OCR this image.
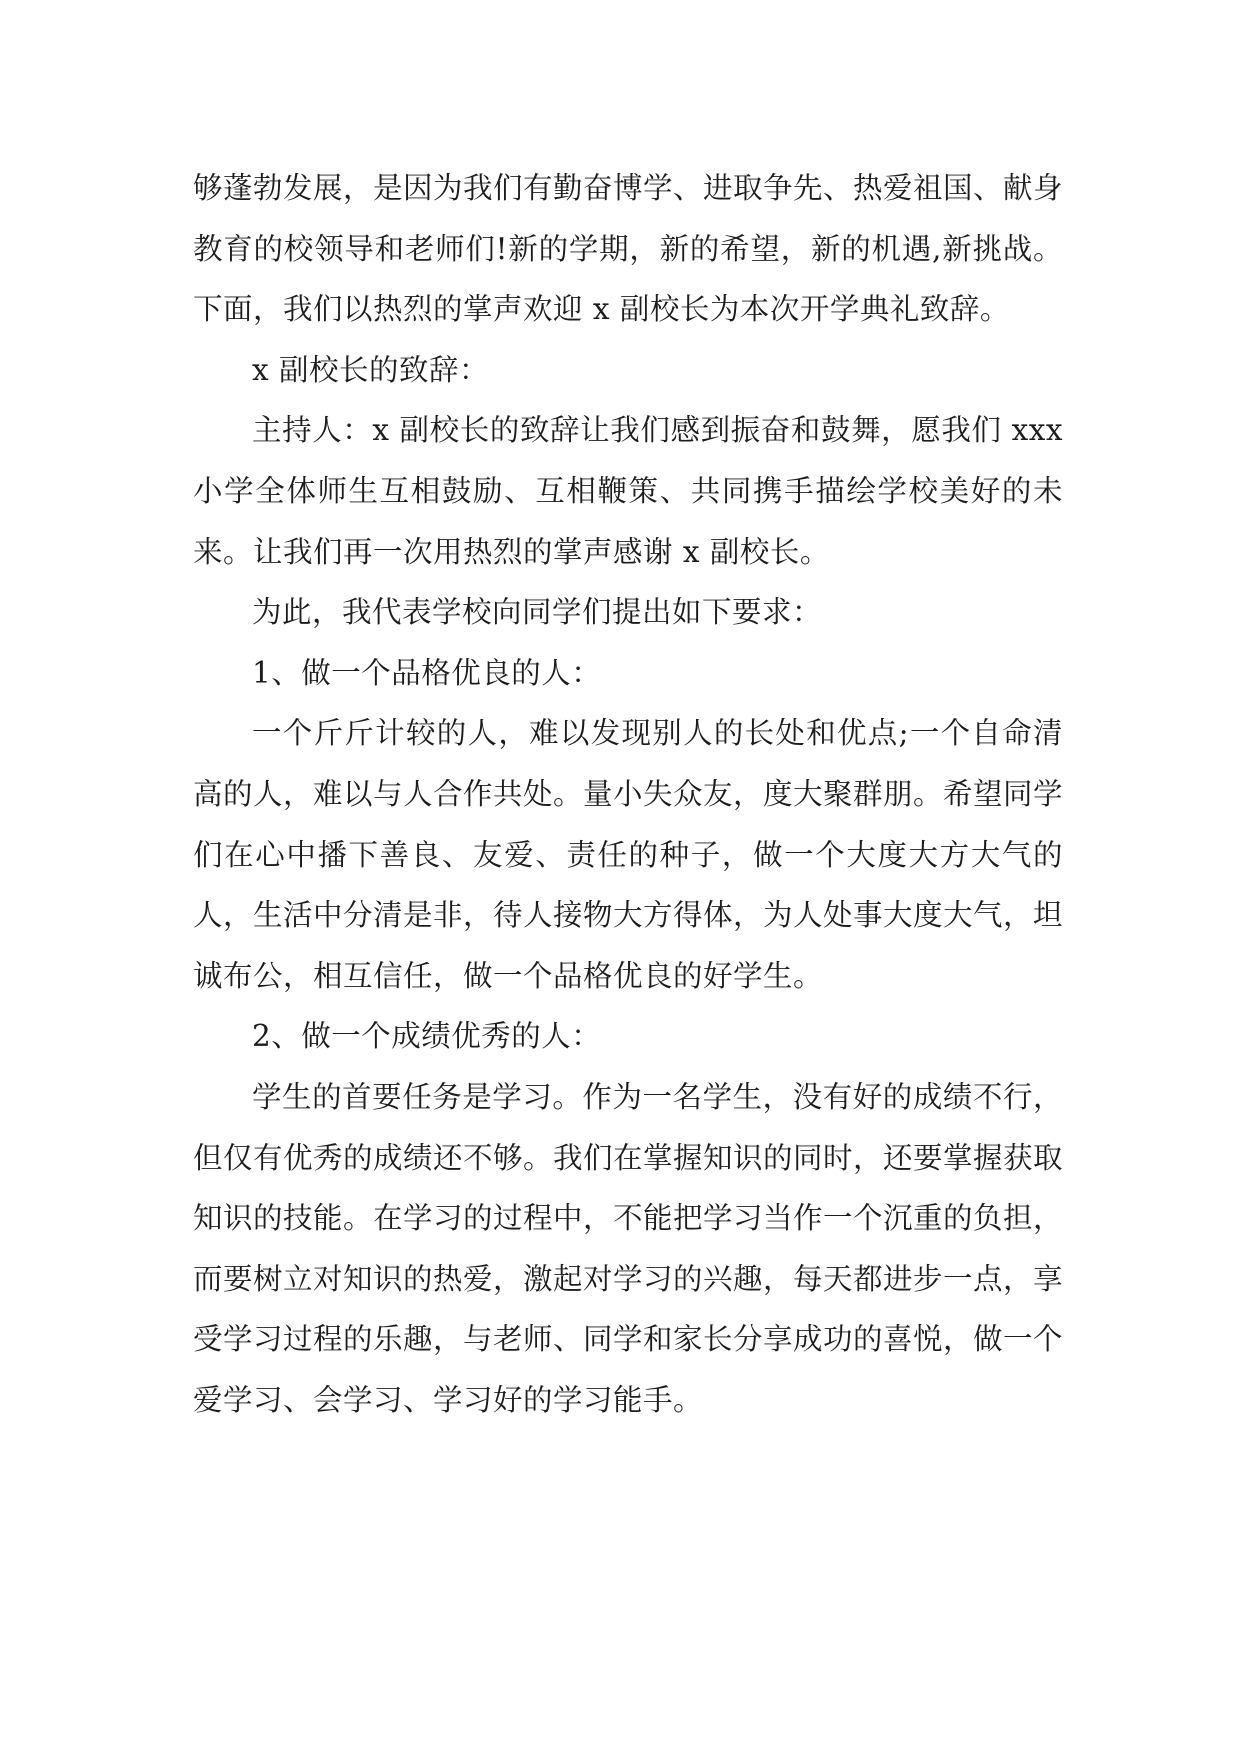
够蓬勃发展，是因为我们有勤奋博学、进取争先、热爱祖国、献身教育的校领导和老师们!新的学期，新的希望，新的机遇,新挑战。下面，我们以热烈的掌声欢迎 x 副校长为本次开学典礼致辞。

x 副校长的致辞：

主持人：x 副校长的致辞让我们感到振奋和鼓舞，愿我们 xxx 小学全体师生互相鼓励、互相鞭策、共同携手描绘学校美好的未来。让我们再一次用热烈的掌声感谢 x 副校长。

为此，我代表学校向同学们提出如下要求：

1、做一个品格优良的人：

一个斤斤计较的人，难以发现别人的长处和优点;一个自命清高的人，难以与人合作共处。量小失众友，度大聚群朋。希望同学们在心中播下善良、友爱、责任的种子，做一个大度大方大气的人，生活中分清是非，待人接物大方得体，为人处事大度大气，坦诚布公，相互信任，做一个品格优良的好学生。

2、做一个成绩优秀的人：

学生的首要任务是学习。作为一名学生，没有好的成绩不行，但仅有优秀的成绩还不够。我们在掌握知识的同时，还要掌握获取知识的技能。在学习的过程中，不能把学习当作一个沉重的负担，而要树立对知识的热爱，激起对学习的兴趣，每天都进步一点，享受学习过程的乐趣，与老师、同学和家长分享成功的喜悦，做一个爱学习、会学习、学习好的学习能手。
